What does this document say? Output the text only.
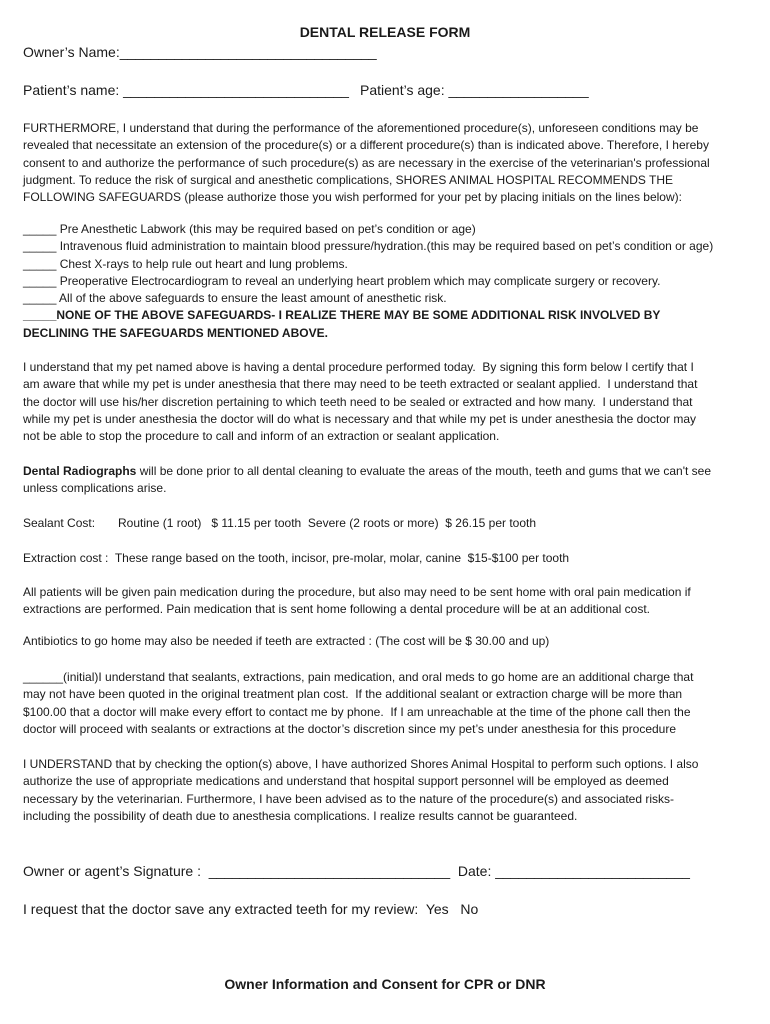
DENTAL RELEASE FORM
Owner’s Name:_________________________________
Patient’s name: _____________________________ Patient’s age: __________________

FURTHERMORE, I understand that during the performance of the aforementioned procedure(s), unforeseen conditions may be

revealed that necessitate an extension of the procedure(s) or a different procedure(s) than is indicated above. Therefore, I hereby

consent to and authorize the performance of such procedure(s) as are necessary in the exercise of the veterinarian's professional

judgment. To reduce the risk of surgical and anesthetic complications, SHORES ANIMAL HOSPITAL RECOMMENDS THE

FOLLOWING SAFEGUARDS (please authorize those you wish performed for your pet by placing initials on the lines below):

_____ Pre Anesthetic Labwork (this may be required based on pet’s condition or age)

_____ Intravenous fluid administration to maintain blood pressure/hydration.(this may be required based on pet’s condition or age)

_____ Chest X-rays to help rule out heart and lung problems.

_____ Preoperative Electrocardiogram to reveal an underlying heart problem which may complicate surgery or recovery.

_____ All of the above safeguards to ensure the least amount of anesthetic risk.

_____NONE OF THE ABOVE SAFEGUARDS- I REALIZE THERE MAY BE SOME ADDITIONAL RISK INVOLVED BY

DECLINING THE SAFEGUARDS MENTIONED ABOVE.

I understand that my pet named above is having a dental procedure performed today.  By signing this form below I certify that I

am aware that while my pet is under anesthesia that there may need to be teeth extracted or sealant applied.  I understand that

the doctor will use his/her discretion pertaining to which teeth need to be sealed or extracted and how many.  I understand that

while my pet is under anesthesia the doctor will do what is necessary and that while my pet is under anesthesia the doctor may

not be able to stop the procedure to call and inform of an extraction or sealant application.

Dental Radiographs will be done prior to all dental cleaning to evaluate the areas of the mouth, teeth and gums that we can't see

unless complications arise.

Sealant Cost: Routine (1 root)   $ 11.15 per tooth  Severe (2 roots or more)  $ 26.15 per tooth
Extraction cost :  These range based on the tooth, incisor, pre-molar, molar, canine  $15-$100 per tooth

All patients will be given pain medication during the procedure, but also may need to be sent home with oral pain medication if

extractions are performed. Pain medication that is sent home following a dental procedure will be at an additional cost.

Antibiotics to go home may also be needed if teeth are extracted : (The cost will be $ 30.00 and up)

______(initial)I understand that sealants, extractions, pain medication, and oral meds to go home are an additional charge that

may not have been quoted in the original treatment plan cost.  If the additional sealant or extraction charge will be more than

$100.00 that a doctor will make every effort to contact me by phone.  If I am unreachable at the time of the phone call then the

doctor will proceed with sealants or extractions at the doctor’s discretion since my pet’s under anesthesia for this procedure

I UNDERSTAND that by checking the option(s) above, I have authorized Shores Animal Hospital to perform such options. I also

authorize the use of appropriate medications and understand that hospital support personnel will be employed as deemed

necessary by the veterinarian. Furthermore, I have been advised as to the nature of the procedure(s) and associated risks-

including the possibility of death due to anesthesia complications. I realize results cannot be guaranteed.

Owner or agent’s Signature :  _______________________________  Date: _________________________
I request that the doctor save any extracted teeth for my review:  Yes   No
Owner Information and Consent for CPR or DNR
